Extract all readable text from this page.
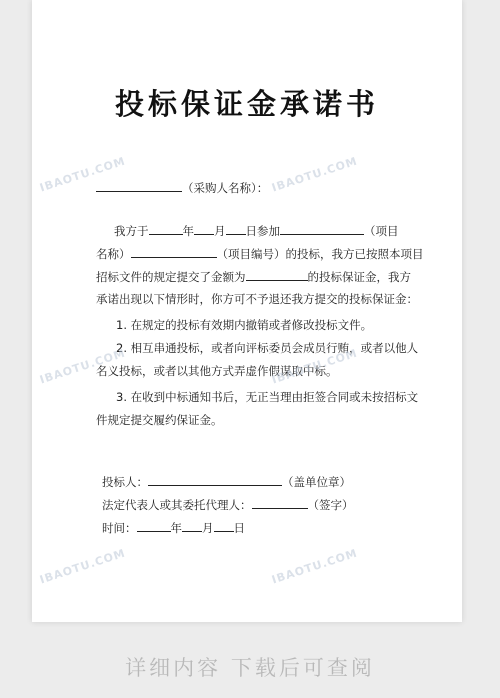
投标保证金承诺书
（采购人名称）：
我方于	年 月 日参加	（项目
名称）	（项目编号）的投标，我方已按照本项目
招标文件的规定提交了金额为	的投标保证金，我方
承诺出现以下情形时，你方可不予退还我方提交的投标保证金：
1. 在规定的投标有效期内撤销或者修改投标文件。
2. 相互串通投标，或者向评标委员会成员行贿，或者以他人
名义投标，或者以其他方式弄虚作假谋取中标。
3. 在收到中标通知书后，无正当理由拒签合同或未按招标文
件规定提交履约保证金。
投标人：	（盖单位章）
法定代表人或其委托代理人：	（签字）
时间：	年 月 日
IBAOTU.COM	IBAOTU.COM
IBAOTU.COM	IBAOTU.COM
IBAOTU.COM	IBAOTU.COM
详细内容 下载后可查阅
